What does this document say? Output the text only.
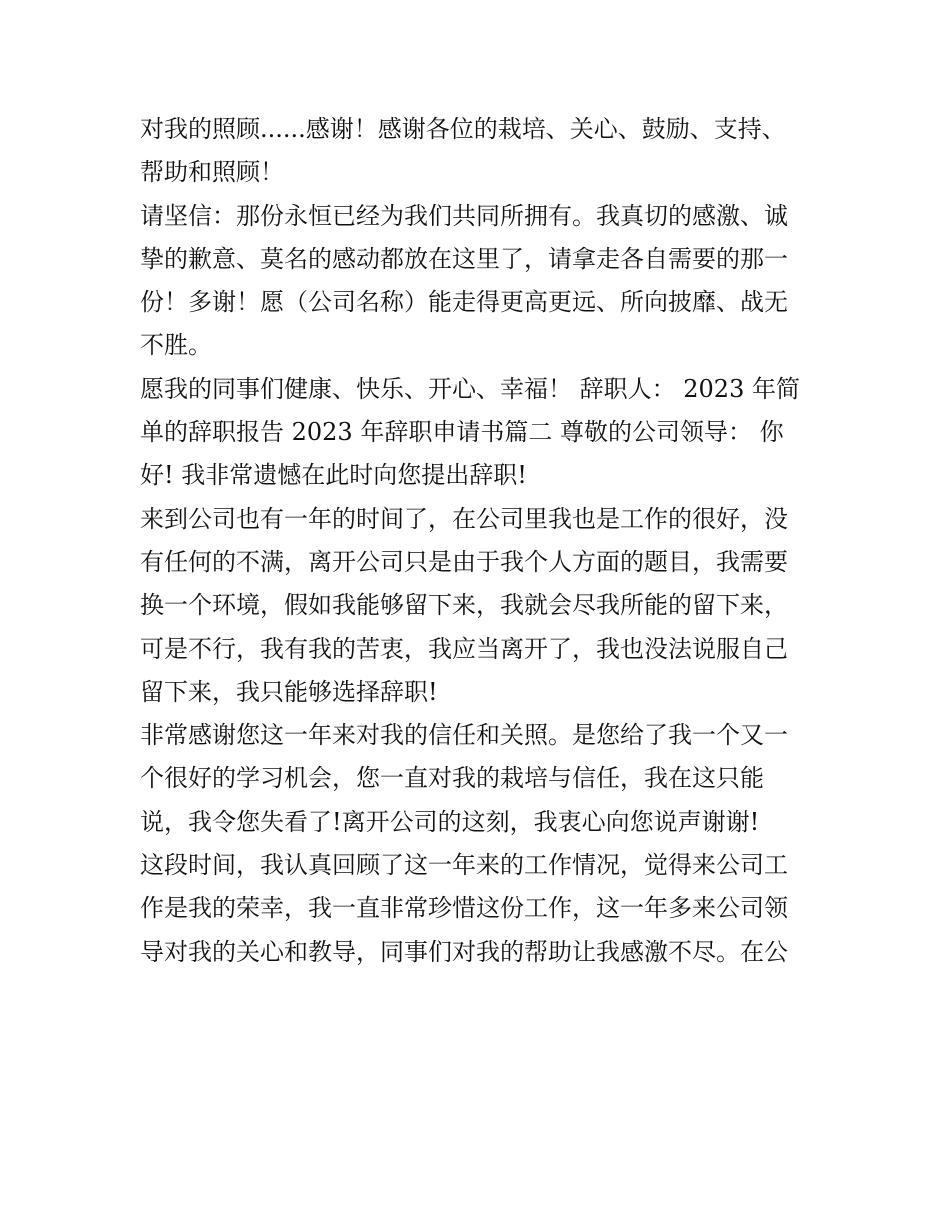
对我的照顾......感谢！感谢各位的栽培、关心、鼓励、支持、
帮助和照顾！

请坚信：那份永恒已经为我们共同所拥有。我真切的感激、诚
挚的歉意、莫名的感动都放在这里了，请拿走各自需要的那一
份！多谢！愿（公司名称）能走得更高更远、所向披靡、战无
不胜。

愿我的同事们健康、快乐、开心、幸福！ 辞职人： 2023 年简
单的辞职报告 2023 年辞职申请书篇二 尊敬的公司领导： 你
好! 我非常遗憾在此时向您提出辞职!

来到公司也有一年的时间了，在公司里我也是工作的很好，没
有任何的不满，离开公司只是由于我个人方面的题目，我需要
换一个环境，假如我能够留下来，我就会尽我所能的留下来，
可是不行，我有我的苦衷，我应当离开了，我也没法说服自己
留下来，我只能够选择辞职!

非常感谢您这一年来对我的信任和关照。是您给了我一个又一
个很好的学习机会，您一直对我的栽培与信任，我在这只能
说，我令您失看了!离开公司的这刻，我衷心向您说声谢谢!

这段时间，我认真回顾了这一年来的工作情况，觉得来公司工
作是我的荣幸，我一直非常珍惜这份工作，这一年多来公司领
导对我的关心和教导，同事们对我的帮助让我感激不尽。在公
